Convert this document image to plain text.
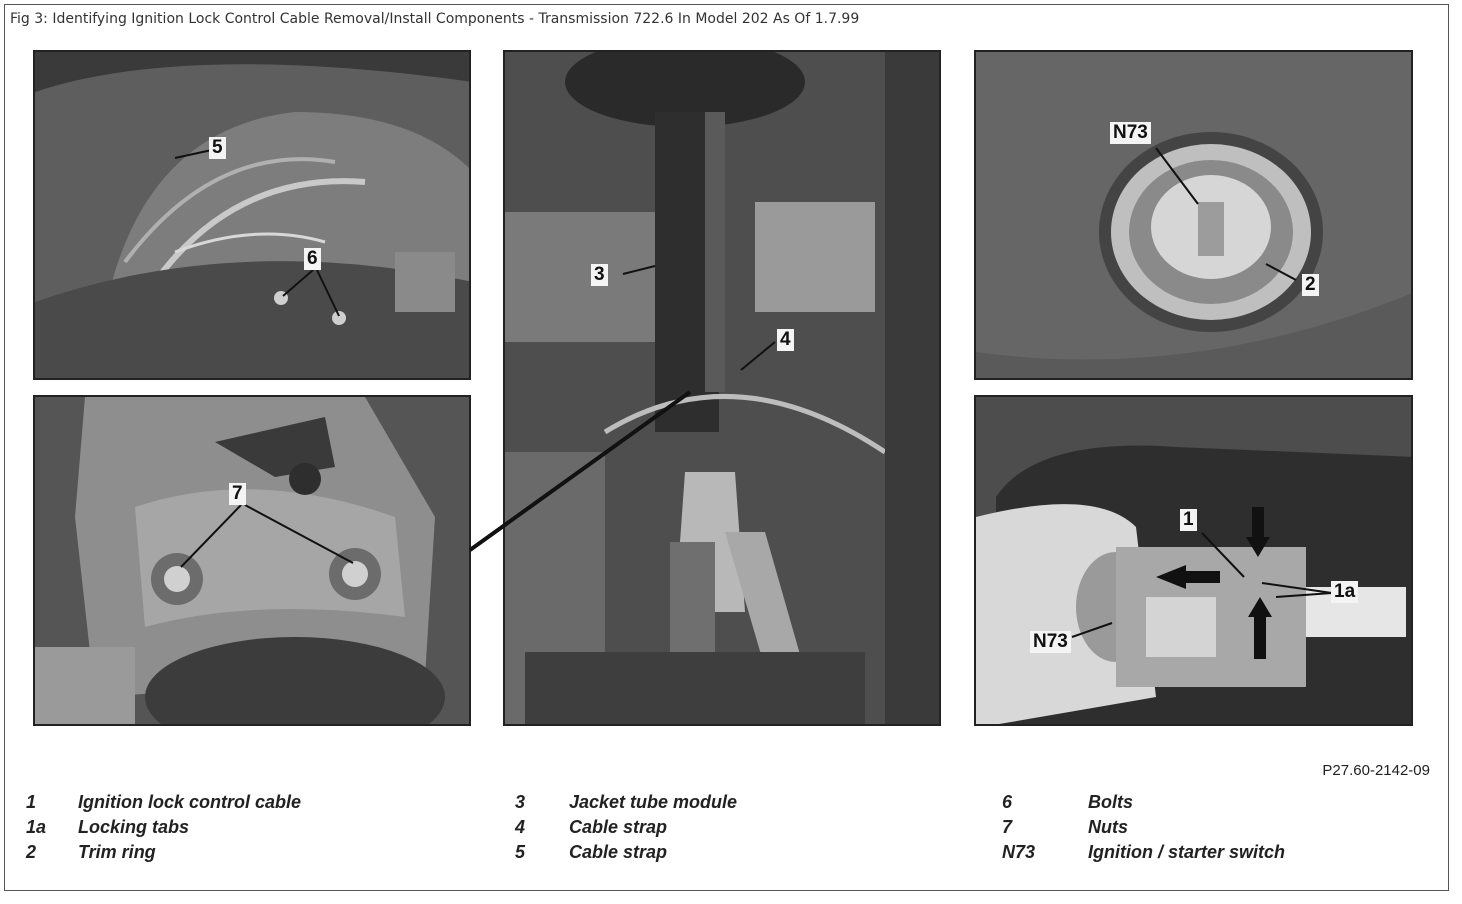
Fig 3: Identifying Ignition Lock Control Cable Removal/Install Components - Transmission 722.6 In Model 202 As Of 1.7.99
5
6
7
3
4
N73
2
1
1a
N73
P27.60-2142-09
1 Ignition lock control cable
1a Locking tabs
2 Trim ring
3 Jacket tube module
4 Cable strap
5 Cable strap
6	Bolts
7	Nuts
N73	Ignition / starter switch
